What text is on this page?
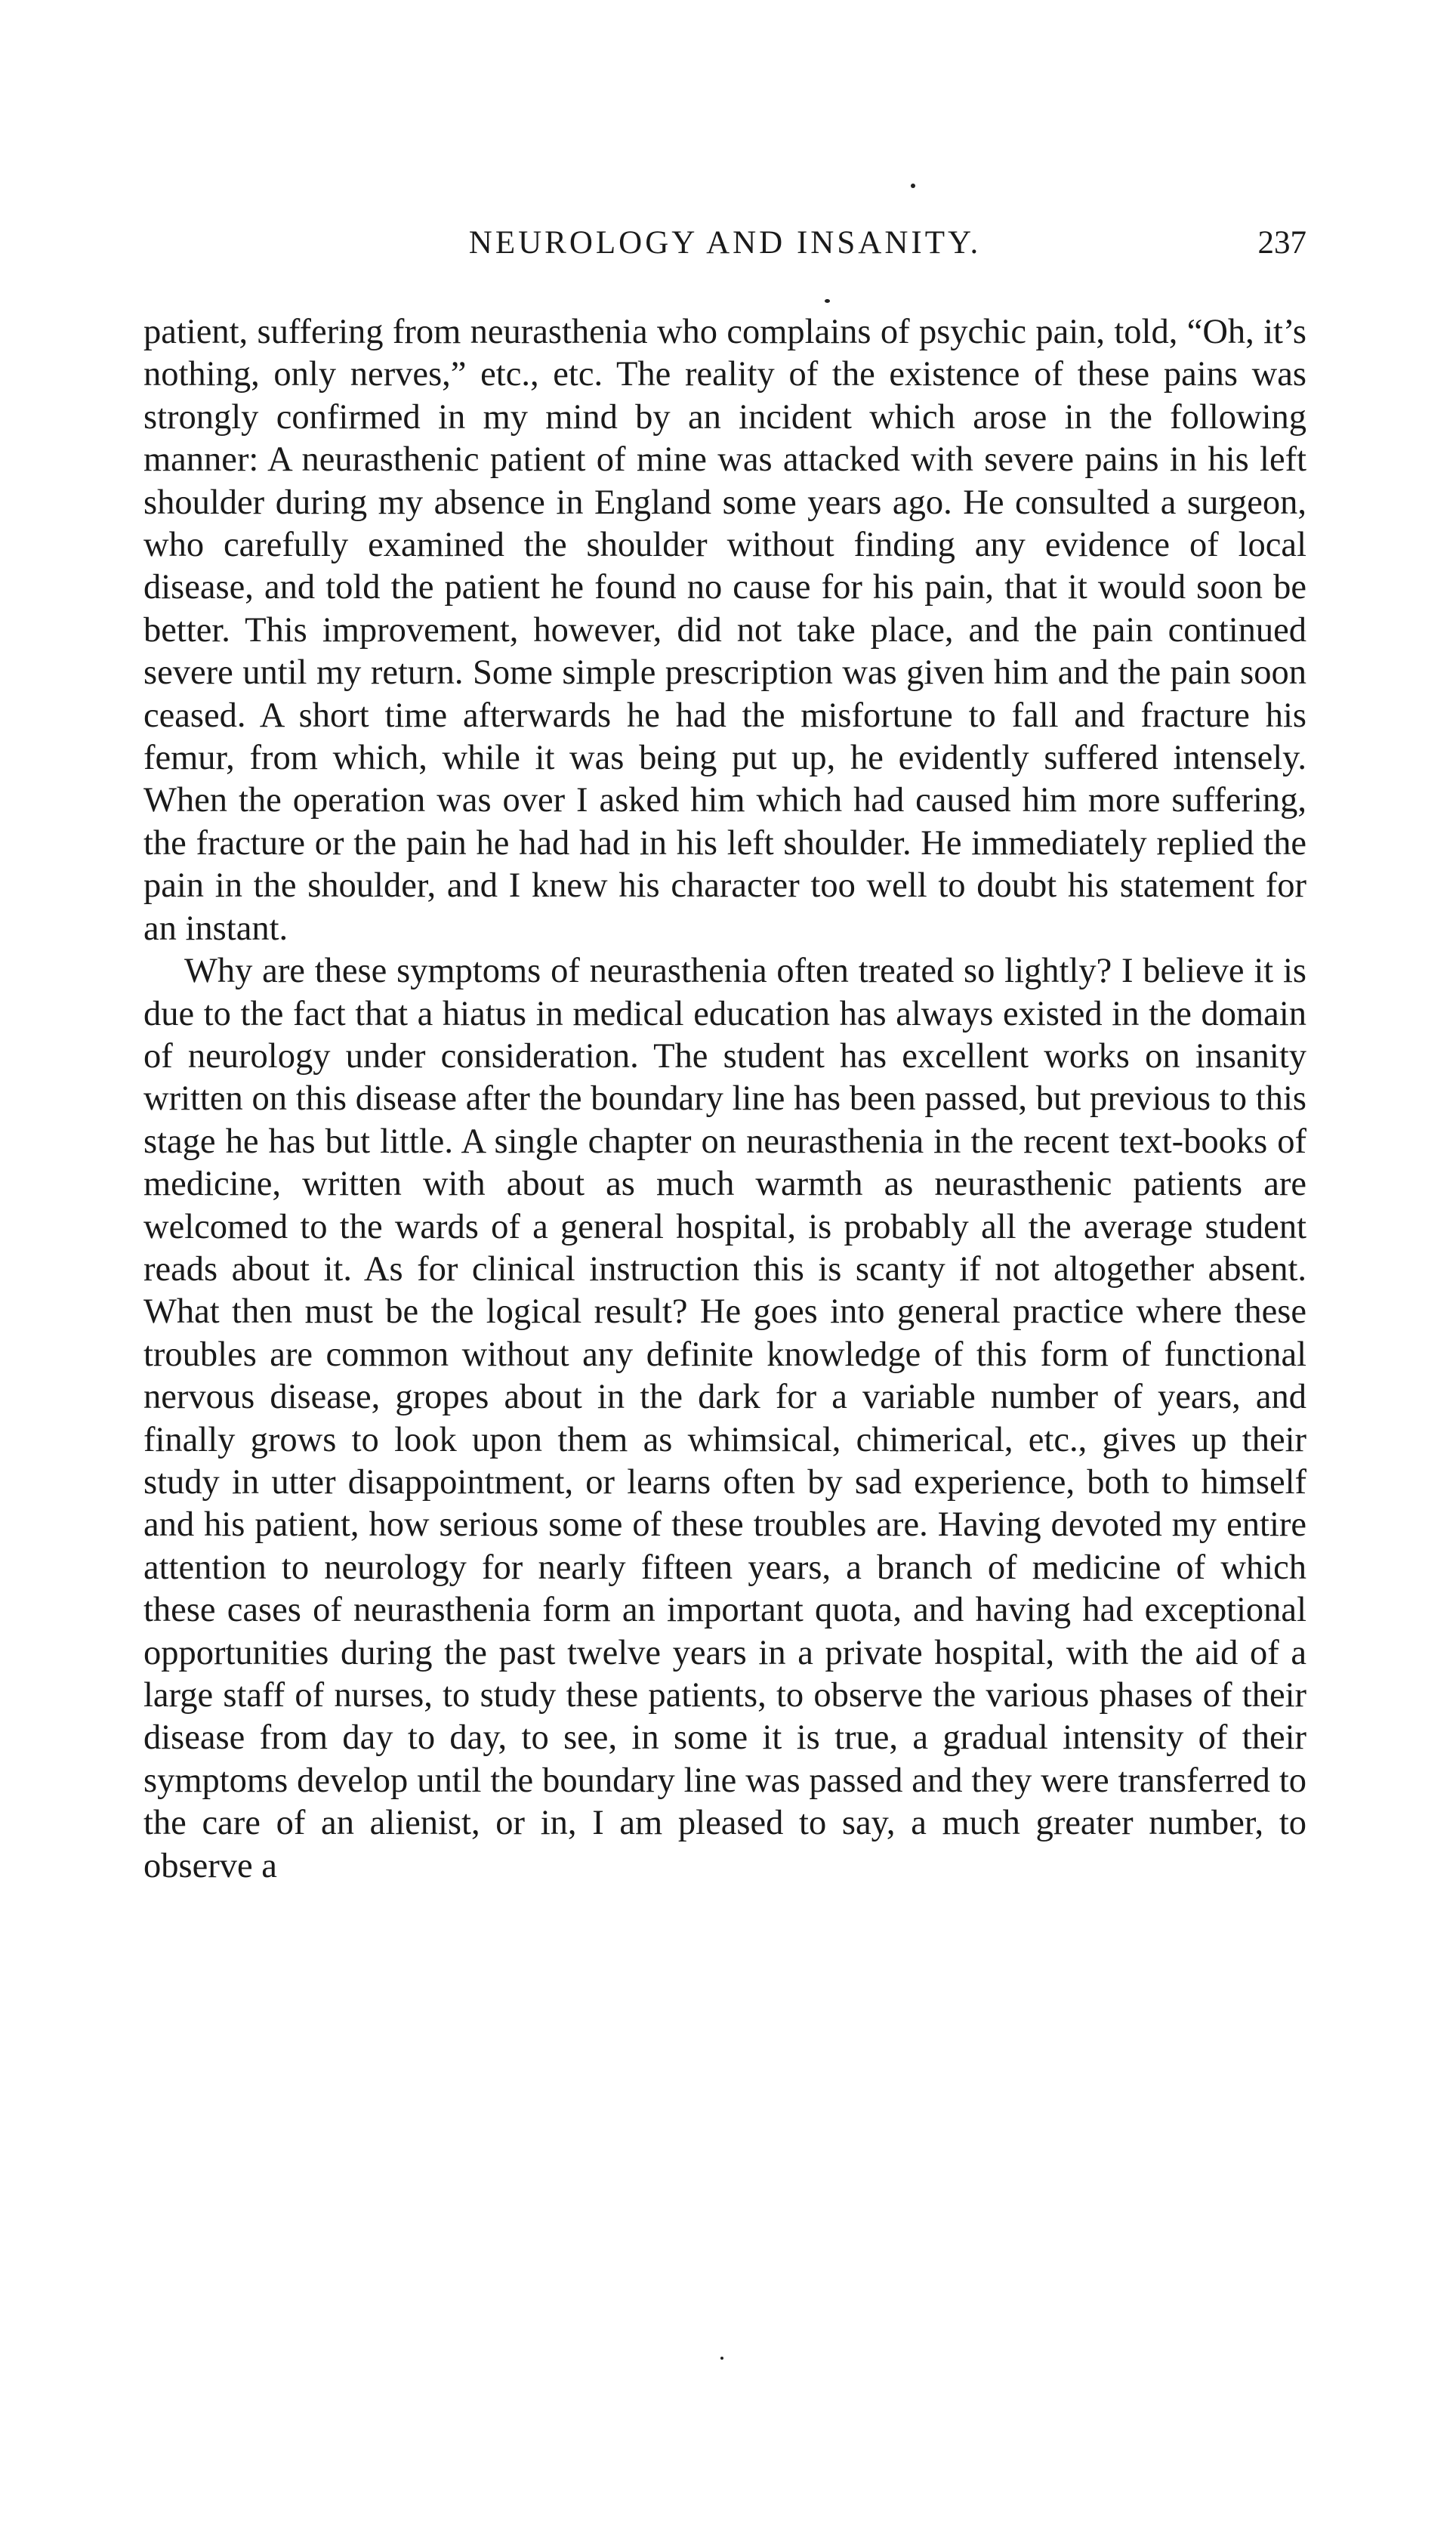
NEUROLOGY AND INSANITY.	237

patient, suffering from neurasthenia who complains of psychic pain, told, “Oh, it’s nothing, only nerves,” etc., etc. The reality of the existence of these pains was strongly confirmed in my mind by an incident which arose in the following manner: A neurasthenic patient of mine was attacked with severe pains in his left shoulder during my absence in England some years ago. He consulted a surgeon, who carefully examined the shoulder without finding any evidence of local disease, and told the patient he found no cause for his pain, that it would soon be better. This improvement, however, did not take place, and the pain continued severe until my return. Some simple prescription was given him and the pain soon ceased. A short time afterwards he had the misfortune to fall and fracture his femur, from which, while it was being put up, he evidently suffered intensely. When the operation was over I asked him which had caused him more suffering, the fracture or the pain he had had in his left shoulder. He immediately replied the pain in the shoulder, and I knew his character too well to doubt his statement for an instant.

Why are these symptoms of neurasthenia often treated so lightly? I believe it is due to the fact that a hiatus in medical education has always existed in the domain of neurology under consideration. The student has excellent works on insanity written on this disease after the boundary line has been passed, but previous to this stage he has but little. A single chapter on neurasthenia in the recent text-books of medicine, written with about as much warmth as neurasthenic patients are welcomed to the wards of a general hospital, is probably all the average student reads about it. As for clinical instruction this is scanty if not altogether absent. What then must be the logical result? He goes into general practice where these troubles are common without any definite knowledge of this form of functional nervous disease, gropes about in the dark for a variable number of years, and finally grows to look upon them as whimsical, chimerical, etc., gives up their study in utter disappointment, or learns often by sad experience, both to himself and his patient, how serious some of these troubles are. Having devoted my entire attention to neurology for nearly fifteen years, a branch of medicine of which these cases of neurasthenia form an important quota, and having had exceptional opportunities during the past twelve years in a private hospital, with the aid of a large staff of nurses, to study these patients, to observe the various phases of their disease from day to day, to see, in some it is true, a gradual intensity of their symptoms develop until the boundary line was passed and they were transferred to the care of an alienist, or in, I am pleased to say, a much greater number, to observe a
